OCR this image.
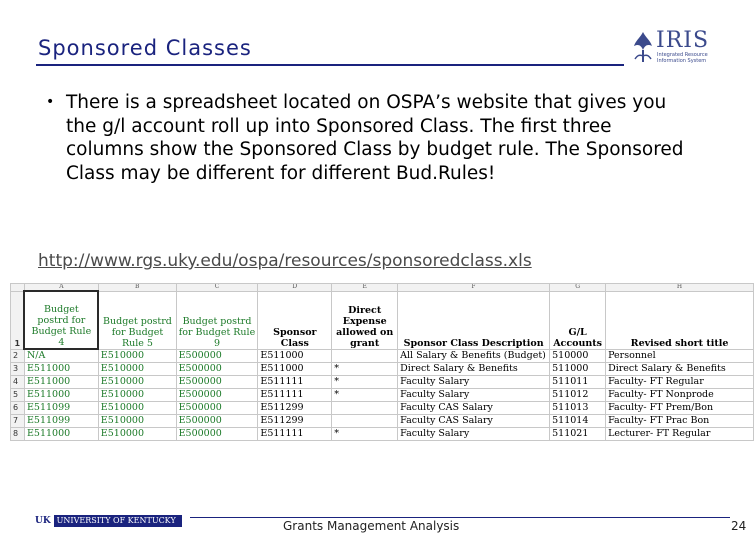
Sponsored Classes	IRIS
Integrated Resource Information System
• There is a spreadsheet located on OSPA’s website that gives you the g/l account roll up into Sponsored Class. The first three columns show the Sponsored Class by budget rule. The Sponsored Class may be different for different Bud.Rules!
http://www.rgs.uky.edu/ospa/resources/sponsoredclass.xls
	A	B	C	D	E	F	G	H
1	Budget postrd for Budget Rule 4	Budget postrd for Budget Rule 5	Budget postrd for Budget Rule 9	Sponsor Class	Direct Expense allowed on grant	Sponsor Class Description	G/L Accounts	Revised short title
2	N/A	E510000	E500000	E511000		All Salary & Benefits (Budget)	510000	Personnel
3	E511000	E510000	E500000	E511000	*	Direct Salary & Benefits	511000	Direct Salary & Benefits
4	E511000	E510000	E500000	E511111	*	Faculty Salary	511011	Faculty- FT Regular
5	E511000	E510000	E500000	E511111	*	Faculty Salary	511012	Faculty- FT Nonprode
6	E511099	E510000	E500000	E511299		Faculty CAS Salary	511013	Faculty- FT Prem/Bon
7	E511099	E510000	E500000	E511299		Faculty CAS Salary	511014	Faculty- FT Prac Bon
8	E511000	E510000	E500000	E511111	*	Faculty Salary	511021	Lecturer- FT Regular
UK UNIVERSITY OF KENTUCKY	Grants Management Analysis	24
